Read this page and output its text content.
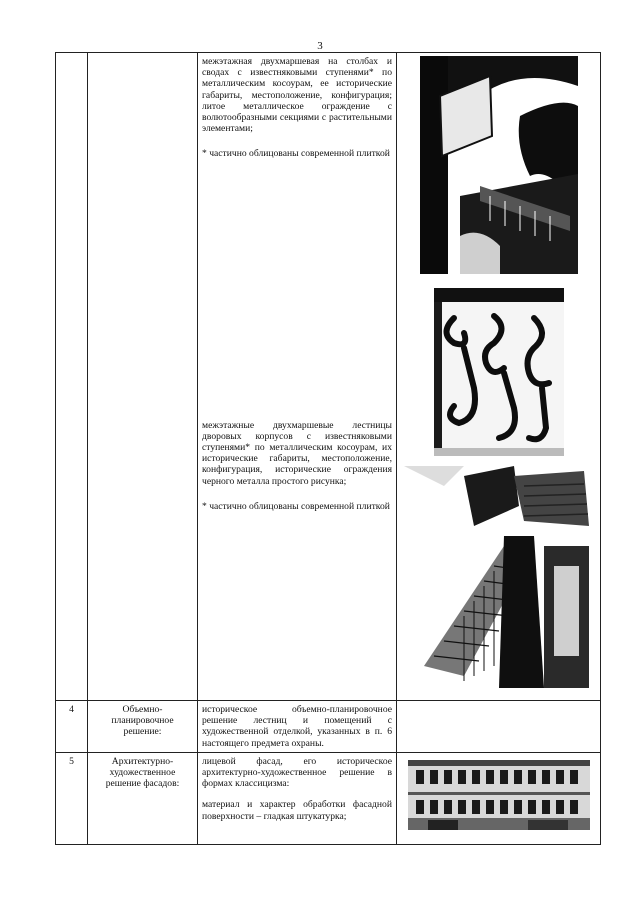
3

		межэтажная двухмаршевая на столбах и сводах с известняковыми ступенями* по металлическим косоурам, ее исторические габариты, местоположение, конфигурация; литое металлическое ограждение с волютообразными секциями с растительными элементами;

* частично облицованы современной плиткой

межэтажные двухмаршевые лестницы дворовых корпусов с известняковыми ступенями* по металлическим косоурам, их исторические габариты, местоположение, конфигурация, исторические ограждения черного металла простого рисунка;

* частично облицованы современной плиткой

4	Объемно-планировочное решение:	историческое объемно-планировочное решение лестниц и помещений с художественной отделкой, указанных в п. 6 настоящего предмета охраны.	

5	Архитектурно-художественное решение фасадов:	лицевой фасад, его историческое архитектурно-художественное решение в формах классицизма:

материал и характер обработки фасадной поверхности – гладкая штукатурка;
